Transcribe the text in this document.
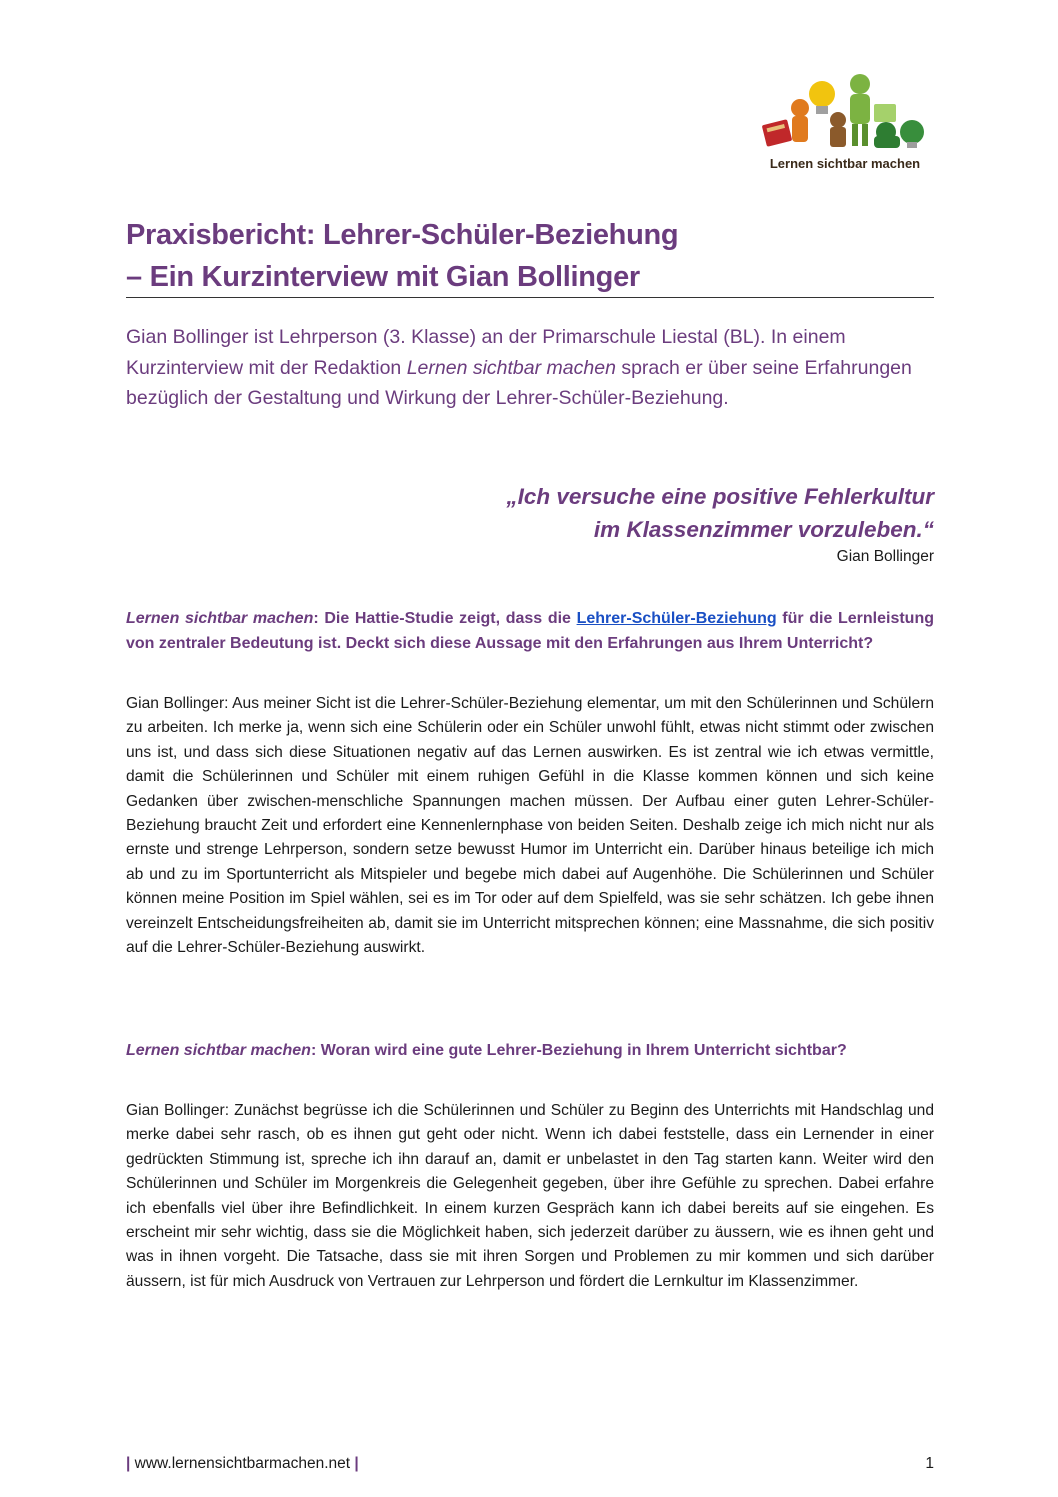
Lernen sichtbar machen
Praxisbericht: Lehrer-Schüler-Beziehung
– Ein Kurzinterview mit Gian Bollinger
Gian Bollinger ist Lehrperson (3. Klasse) an der Primarschule Liestal (BL). In einem Kurzinterview mit der Redaktion Lernen sichtbar machen sprach er über seine Erfahrungen bezüglich der Gestaltung und Wirkung der Lehrer-Schüler-Beziehung.
„Ich versuche eine positive Fehlerkultur
im Klassenzimmer vorzuleben.“
Gian Bollinger
Lernen sichtbar machen: Die Hattie-Studie zeigt, dass die Lehrer-Schüler-Beziehung für die Lernleistung von zentraler Bedeutung ist. Deckt sich diese Aussage mit den Erfahrungen aus Ihrem Unterricht?
Gian Bollinger: Aus meiner Sicht ist die Lehrer-Schüler-Beziehung elementar, um mit den Schülerinnen und Schülern zu arbeiten. Ich merke ja, wenn sich eine Schülerin oder ein Schüler unwohl fühlt, etwas nicht stimmt oder zwischen uns ist, und dass sich diese Situationen negativ auf das Lernen auswirken. Es ist zentral wie ich etwas vermittle, damit die Schülerinnen und Schüler mit einem ruhigen Gefühl in die Klasse kommen können und sich keine Gedanken über zwischen-menschliche Spannungen machen müssen. Der Aufbau einer guten Lehrer-Schüler-Beziehung braucht Zeit und erfordert eine Kennenlernphase von beiden Seiten. Deshalb zeige ich mich nicht nur als ernste und strenge Lehrperson, sondern setze bewusst Humor im Unterricht ein. Darüber hinaus beteilige ich mich ab und zu im Sportunterricht als Mitspieler und begebe mich dabei auf Augenhöhe. Die Schülerinnen und Schüler können meine Position im Spiel wählen, sei es im Tor oder auf dem Spielfeld, was sie sehr schätzen. Ich gebe ihnen vereinzelt Entscheidungsfreiheiten ab, damit sie im Unterricht mitsprechen können; eine Massnahme, die sich positiv auf die Lehrer-Schüler-Beziehung auswirkt.
Lernen sichtbar machen: Woran wird eine gute Lehrer-Beziehung in Ihrem Unterricht sichtbar?
Gian Bollinger: Zunächst begrüsse ich die Schülerinnen und Schüler zu Beginn des Unterrichts mit Handschlag und merke dabei sehr rasch, ob es ihnen gut geht oder nicht. Wenn ich dabei feststelle, dass ein Lernender in einer gedrückten Stimmung ist, spreche ich ihn darauf an, damit er unbelastet in den Tag starten kann. Weiter wird den Schülerinnen und Schüler im Morgenkreis die Gelegenheit gegeben, über ihre Gefühle zu sprechen. Dabei erfahre ich ebenfalls viel über ihre Befindlichkeit. In einem kurzen Gespräch kann ich dabei bereits auf sie eingehen. Es erscheint mir sehr wichtig, dass sie die Möglichkeit haben, sich jederzeit darüber zu äussern, wie es ihnen geht und was in ihnen vorgeht. Die Tatsache, dass sie mit ihren Sorgen und Problemen zu mir kommen und sich darüber äussern, ist für mich Ausdruck von Vertrauen zur Lehrperson und fördert die Lernkultur im Klassenzimmer.
| www.lernensichtbarmachen.net |	1
